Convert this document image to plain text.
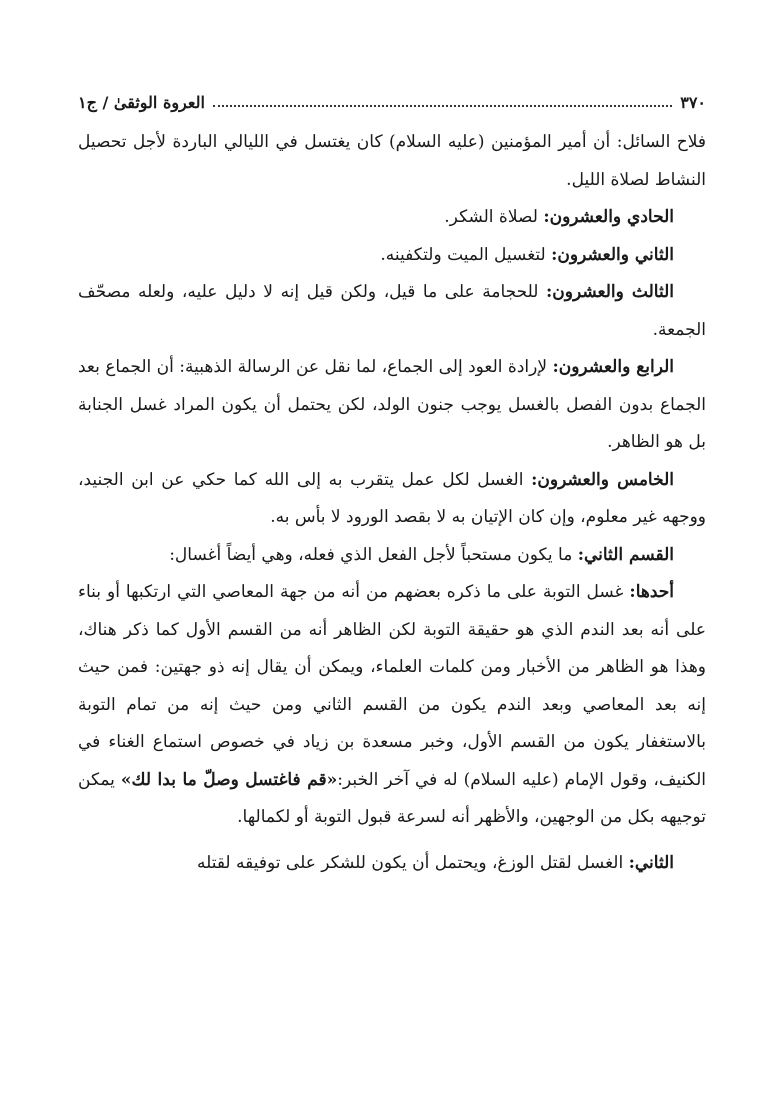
٣٧٠
العروة الوثقىٰ / ج١

فلاح السائل: أن أمير المؤمنين (عليه السلام) كان يغتسل في الليالي الباردة لأجل تحصيل النشاط لصلاة الليل.

الحادي والعشرون: لصلاة الشكر.

الثاني والعشرون: لتغسيل الميت ولتكفينه.

الثالث والعشرون: للحجامة على ما قيل، ولكن قيل إنه لا دليل عليه، ولعله مصحّف الجمعة.

الرابع والعشرون: لإرادة العود إلى الجماع، لما نقل عن الرسالة الذهبية: أن الجماع بعد الجماع بدون الفصل بالغسل يوجب جنون الولد، لكن يحتمل أن يكون المراد غسل الجنابة بل هو الظاهر.

الخامس والعشرون: الغسل لكل عمل يتقرب به إلى الله كما حكي عن ابن الجنيد، ووجهه غير معلوم، وإن كان الإتيان به لا بقصد الورود لا بأس به.

القسم الثاني: ما يكون مستحباً لأجل الفعل الذي فعله، وهي أيضاً أغسال:

أحدها: غسل التوبة على ما ذكره بعضهم من أنه من جهة المعاصي التي ارتكبها أو بناء على أنه بعد الندم الذي هو حقيقة التوبة لكن الظاهر أنه من القسم الأول كما ذكر هناك، وهذا هو الظاهر من الأخبار ومن كلمات العلماء، ويمكن أن يقال إنه ذو جهتين: فمن حيث إنه بعد المعاصي وبعد الندم يكون من القسم الثاني ومن حيث إنه من تمام التوبة بالاستغفار يكون من القسم الأول، وخبر مسعدة بن زياد في خصوص استماع الغناء في الكنيف، وقول الإمام (عليه السلام) له في آخر الخبر:«قم فاغتسل وصلّ ما بدا لك» يمكن توجيهه بكل من الوجهين، والأظهر أنه لسرعة قبول التوبة أو لكمالها.

الثاني: الغسل لقتل الوزغ، ويحتمل أن يكون للشكر على توفيقه لقتله
